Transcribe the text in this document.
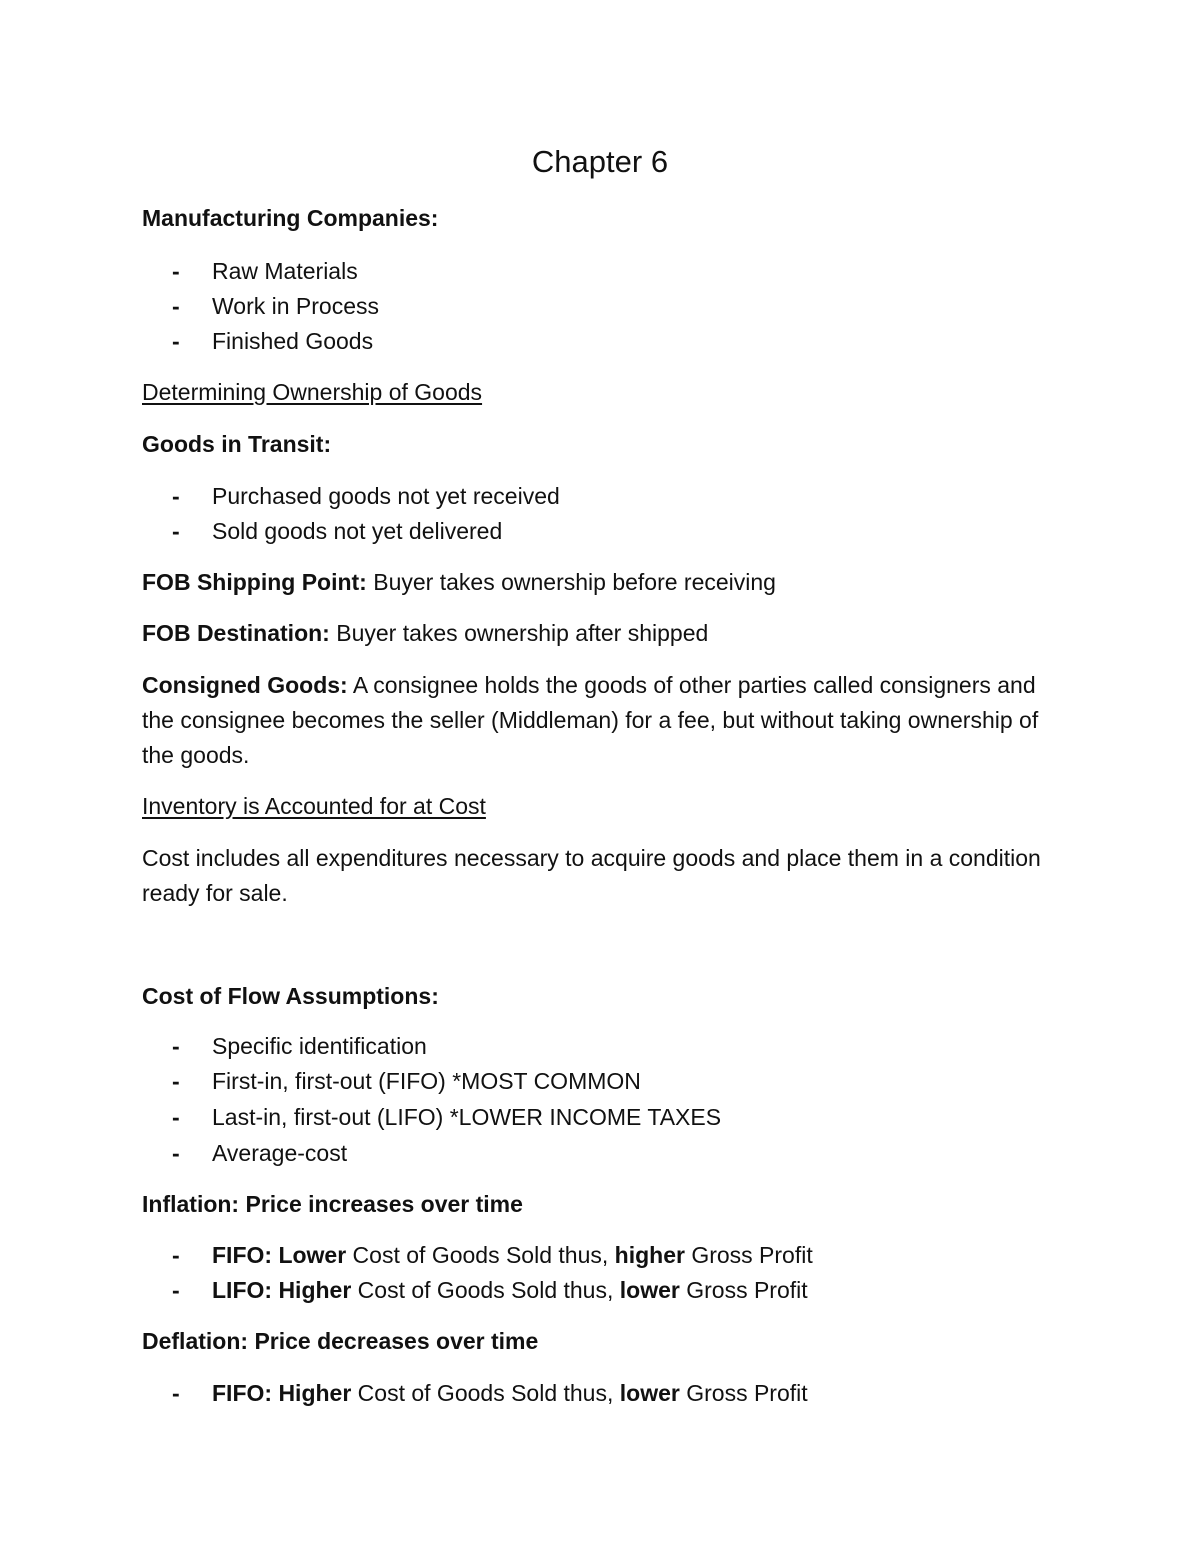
Chapter 6
Manufacturing Companies:
- Raw Materials
- Work in Process
- Finished Goods
Determining Ownership of Goods
Goods in Transit:
- Purchased goods not yet received
- Sold goods not yet delivered
FOB Shipping Point: Buyer takes ownership before receiving
FOB Destination: Buyer takes ownership after shipped

Consigned Goods: A consignee holds the goods of other parties called consigners and the consignee becomes the seller (Middleman) for a fee, but without taking ownership of the goods.

Inventory is Accounted for at Cost

Cost includes all expenditures necessary to acquire goods and place them in a condition ready for sale.

Cost of Flow Assumptions:
- Specific identification
- First-in, first-out (FIFO) *MOST COMMON
- Last-in, first-out (LIFO) *LOWER INCOME TAXES
- Average-cost
Inflation: Price increases over time
- FIFO: Lower Cost of Goods Sold thus, higher Gross Profit
- LIFO: Higher Cost of Goods Sold thus, lower Gross Profit
Deflation: Price decreases over time
- FIFO: Higher Cost of Goods Sold thus, lower Gross Profit
